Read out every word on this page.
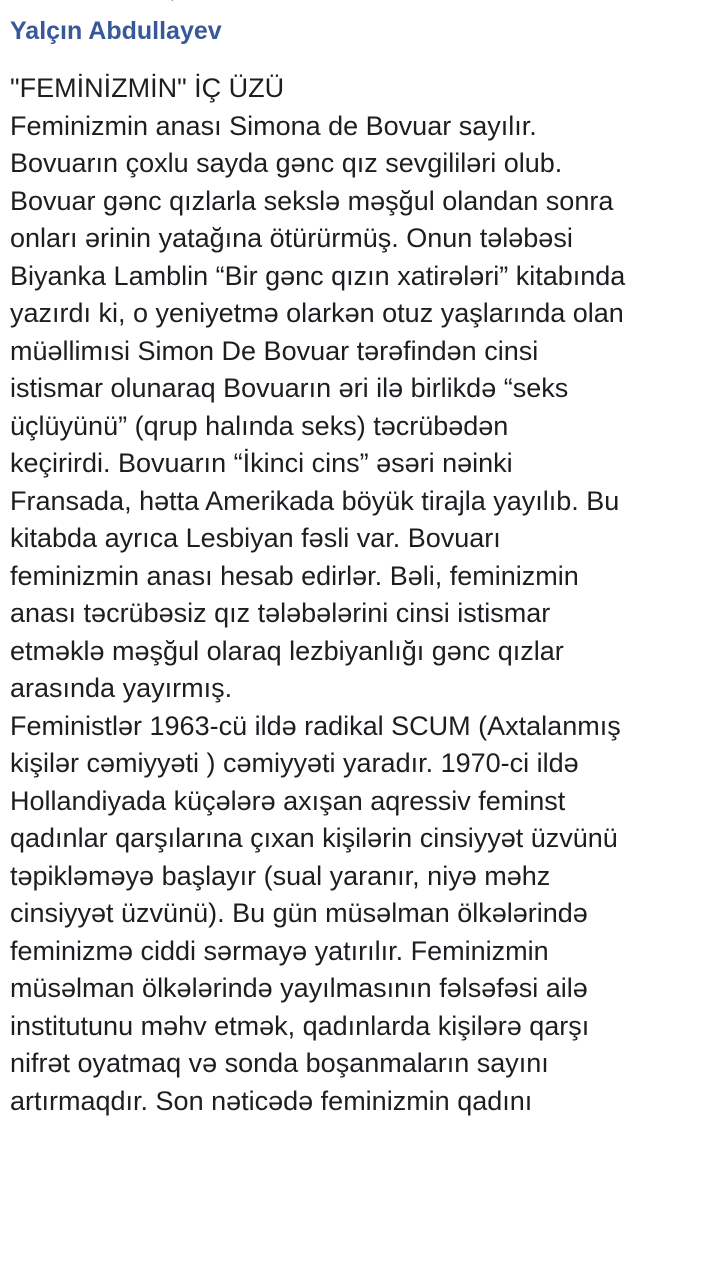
Yalçın Abdullayev
"FEMİNİZMİN" İÇ ÜZÜ
Feminizmin anası Simona de Bovuar sayılır.
Bovuarın çoxlu sayda gənc qız sevgililəri olub.
Bovuar gənc qızlarla sekslə məşğul olandan sonra
onları ərinin yatağına ötürürmüş. Onun tələbəsi
Biyanka Lamblin “Bir gənc qızın xatirələri” kitabında
yazırdı ki, o yeniyetmə olarkən otuz yaşlarında olan
müəllimısi Simon De Bovuar tərəfindən cinsi
istismar olunaraq Bovuarın əri ilə birlikdə “seks
üçlüyünü” (qrup halında seks) təcrübədən
keçirirdi. Bovuarın “İkinci cins” əsəri nəinki
Fransada, hətta Amerikada böyük tirajla yayılıb. Bu
kitabda ayrıca Lesbiyan fəsli var. Bovuarı
feminizmin anası hesab edirlər. Bəli, feminizmin
anası təcrübəsiz qız tələbələrini cinsi istismar
etməklə məşğul olaraq lezbiyanlığı gənc qızlar
arasında yayırmış.
Feministlər 1963-cü ildə radikal SCUM (Axtalanmış
kişilər cəmiyyəti ) cəmiyyəti yaradır. 1970-ci ildə
Hollandiyada küçələrə axışan aqressiv feminst
qadınlar qarşılarına çıxan kişilərin cinsiyyət üzvünü
təpikləməyə başlayır (sual yaranır, niyə məhz
cinsiyyət üzvünü). Bu gün müsəlman ölkələrində
feminizmə ciddi sərmayə yatırılır. Feminizmin
müsəlman ölkələrində yayılmasının fəlsəfəsi ailə
institutunu məhv etmək, qadınlarda kişilərə qarşı
nifrət oyatmaq və sonda boşanmaların sayını
artırmaqdır. Son nəticədə feminizmin qadını
